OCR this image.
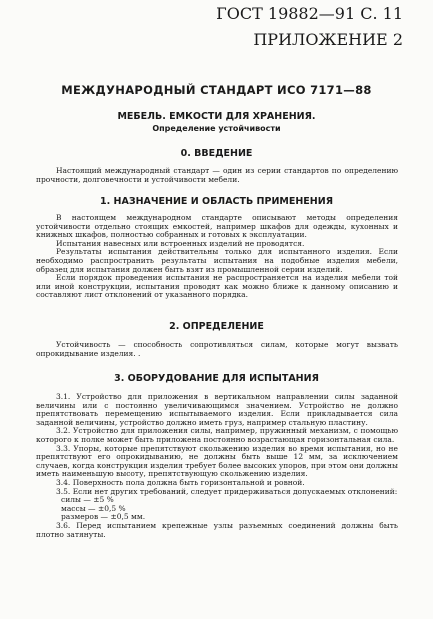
ГОСТ 19882—91 С. 11
ПРИЛОЖЕНИЕ 2
МЕЖДУНАРОДНЫЙ СТАНДАРТ ИСО 7171—88
МЕБЕЛЬ. ЕМКОСТИ ДЛЯ ХРАНЕНИЯ.
Определение устойчивости
0. ВВЕДЕНИЕ

Настоящий международный стандарт — один из серии стандартов по определению прочности, долговечности и устойчивости мебели.

1. НАЗНАЧЕНИЕ И ОБЛАСТЬ ПРИМЕНЕНИЯ

В настоящем международном стандарте описывают методы определения устойчивости отдельно стоящих емкостей, например шкафов для одежды, кухонных и книжных шкафов, полностью собранных и готовых к эксплуатации.

Испытания навесных или встроенных изделий не проводятся.

Результаты испытания действительны только для испытанного изделия. Если необходимо распространить результаты испытания на подобные изделия мебели, образец для испытания должен быть взят из промышленной серии изделий.

Если порядок проведения испытания не распространяется на изделия мебели той или иной конструкции, испытания проводят как можно ближе к данному описанию и составляют лист отклонений от указанного порядка.

2. ОПРЕДЕЛЕНИЕ

Устойчивость — способность сопротивляться силам, которые могут вызвать опрокидывание изделия. .

3. ОБОРУДОВАНИЕ ДЛЯ ИСПЫТАНИЯ

3.1. Устройство для приложения в вертикальном направлении силы заданной величины или с постоянно увеличивающимся значением. Устройство не должно препятствовать перемещению испытываемого изделия. Если прикладывается сила заданной величины, устройство должно иметь груз, например стальную пластину.

3.2. Устройство для приложения силы, например, пружинный механизм, с помощью которого к полке может быть приложена постоянно возрастающая горизонтальная сила.

3.3. Упоры, которые препятствуют скольжению изделия во время испытания, но не препятствуют его опрокидыванию, не должны быть выше 12 мм, за исключением случаев, когда конструкция изделия требует более высоких упоров, при этом они должны иметь наименьшую высоту, препятствующую скольжению изделия.

3.4. Поверхность пола должна быть горизонтальной и ровной.

3.5. Если нет других требований, следует придерживаться допускаемых отклонений:

силы — ±5 %

массы — ±0,5 %

размеров — ±0,5 мм.

3.6. Перед испытанием крепежные узлы разъемных соединений должны быть плотно затянуты.
